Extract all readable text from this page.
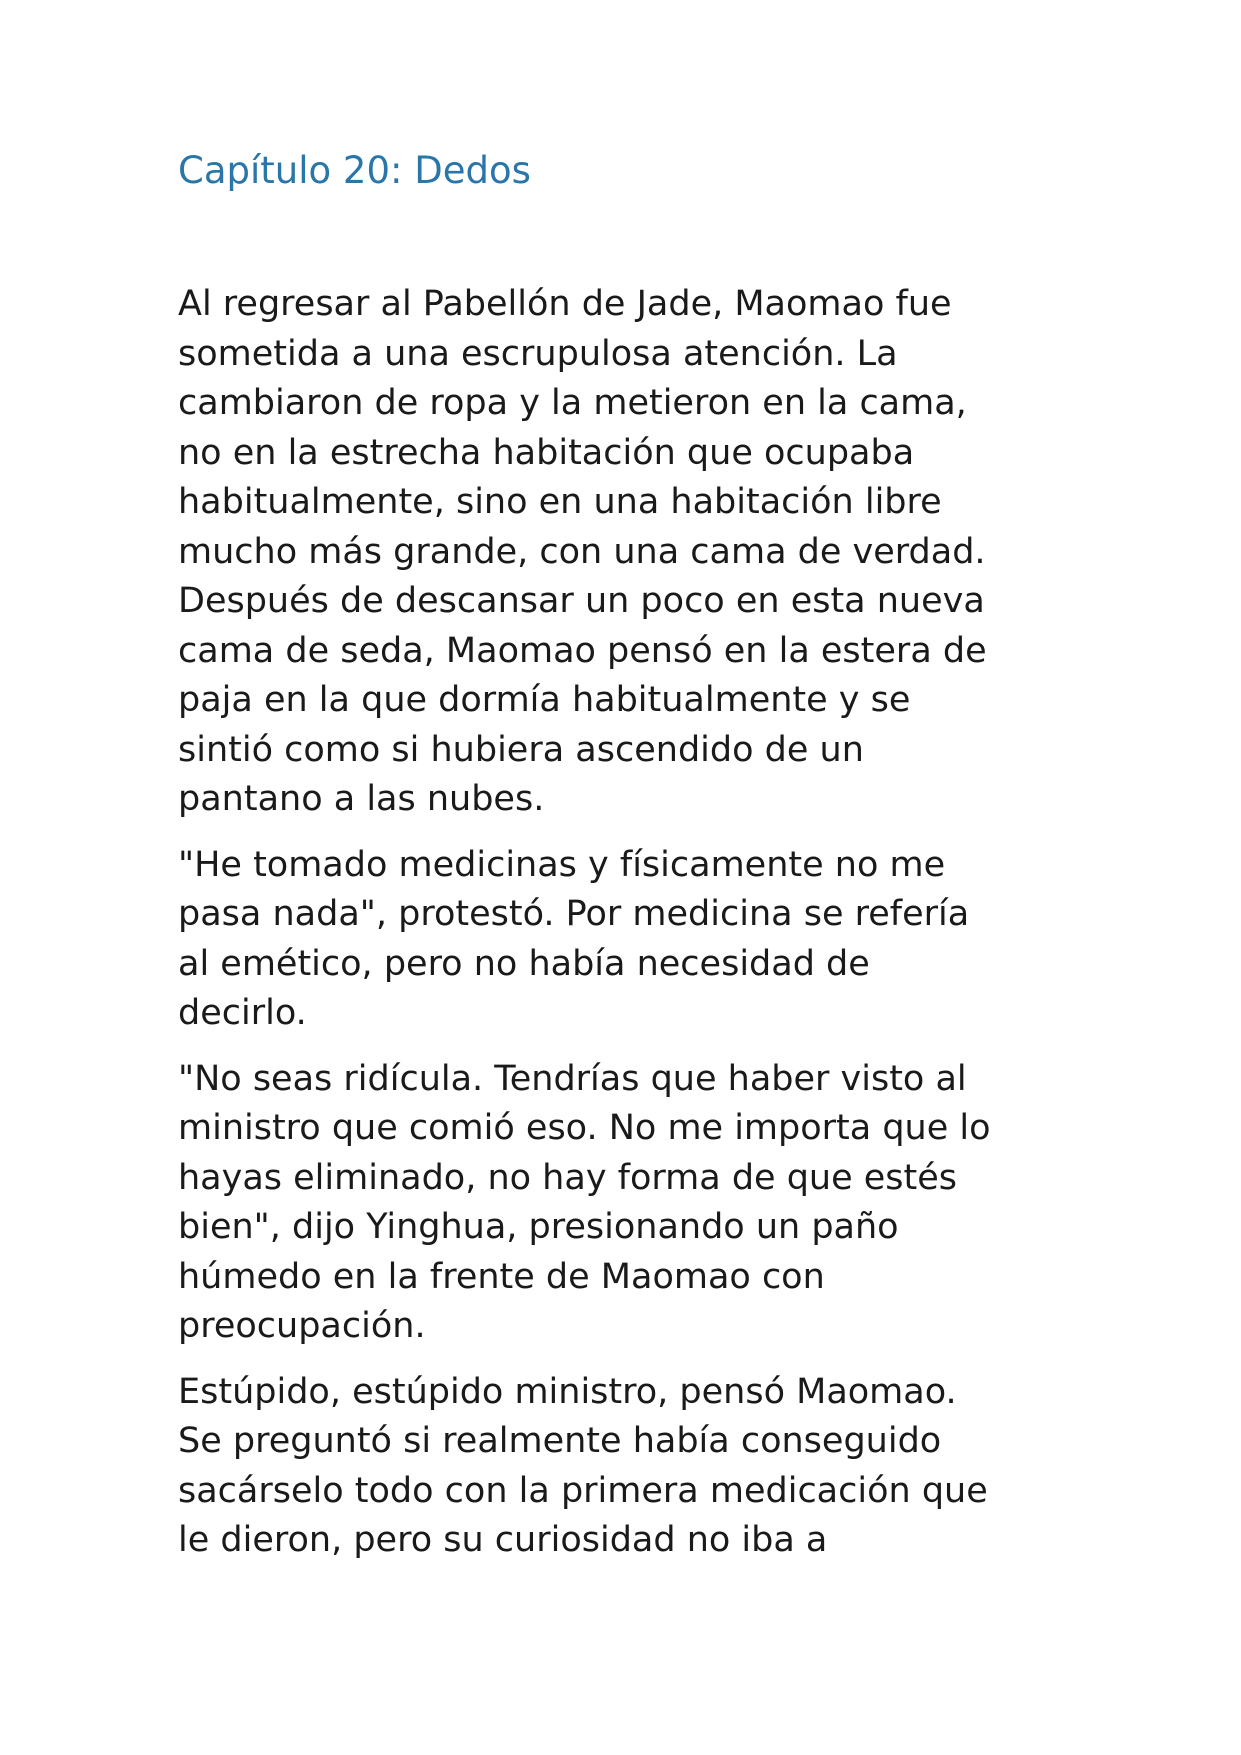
Capítulo 20: Dedos

Al regresar al Pabellón de Jade, Maomao fue
sometida a una escrupulosa atención. La
cambiaron de ropa y la metieron en la cama,
no en la estrecha habitación que ocupaba
habitualmente, sino en una habitación libre
mucho más grande, con una cama de verdad.
Después de descansar un poco en esta nueva
cama de seda, Maomao pensó en la estera de
paja en la que dormía habitualmente y se
sintió como si hubiera ascendido de un
pantano a las nubes.

"He tomado medicinas y físicamente no me
pasa nada", protestó. Por medicina se refería
al emético, pero no había necesidad de
decirlo.

"No seas ridícula. Tendrías que haber visto al
ministro que comió eso. No me importa que lo
hayas eliminado, no hay forma de que estés
bien", dijo Yinghua, presionando un paño
húmedo en la frente de Maomao con
preocupación.

Estúpido, estúpido ministro, pensó Maomao.
Se preguntó si realmente había conseguido
sacárselo todo con la primera medicación que
le dieron, pero su curiosidad no iba a
